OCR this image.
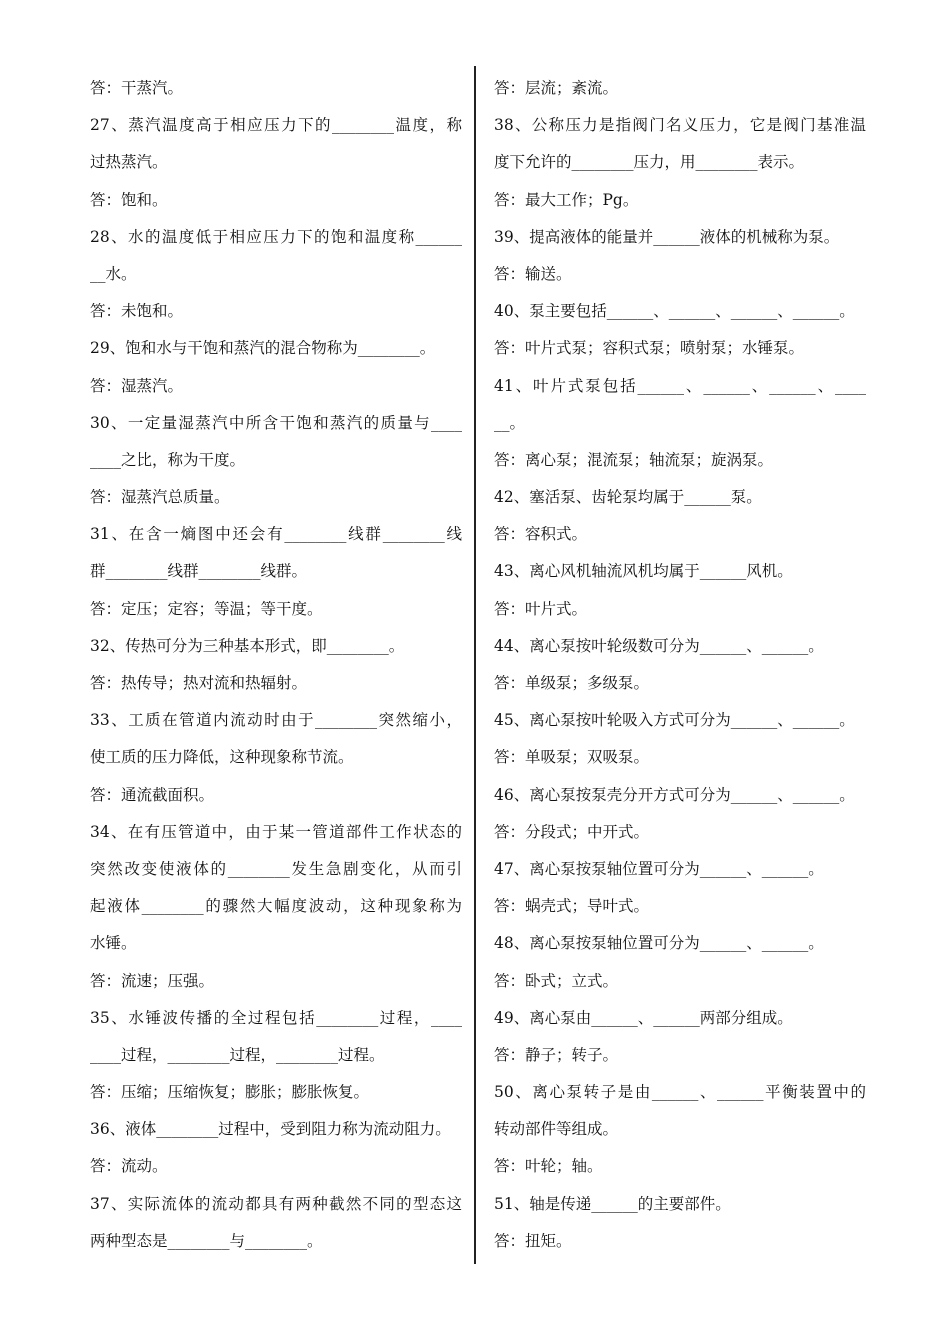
答：干蒸汽。
27、蒸汽温度高于相应压力下的________温度，称
过热蒸汽。
答：饱和。
28、水的温度低于相应压力下的饱和温度称______
__水。
答：未饱和。
29、饱和水与干饱和蒸汽的混合物称为________。
答：湿蒸汽。
30、一定量湿蒸汽中所含干饱和蒸汽的质量与____
____之比，称为干度。
答：湿蒸汽总质量。
31、在含一熵图中还会有________线群________线
群________线群________线群。
答：定压；定容；等温；等干度。
32、传热可分为三种基本形式，即________。
答：热传导；热对流和热辐射。
33、工质在管道内流动时由于________突然缩小，
使工质的压力降低，这种现象称节流。
答：通流截面积。
34、在有压管道中，由于某一管道部件工作状态的
突然改变使液体的________发生急剧变化，从而引
起液体________的骤然大幅度波动，这种现象称为
水锤。
答：流速；压强。
35、水锤波传播的全过程包括________过程，____
____过程，________过程，________过程。
答：压缩；压缩恢复；膨胀；膨胀恢复。
36、液体________过程中，受到阻力称为流动阻力。
答：流动。
37、实际流体的流动都具有两种截然不同的型态这
两种型态是________与________。
答：层流；紊流。
38、公称压力是指阀门名义压力，它是阀门基准温
度下允许的________压力，用________表示。
答：最大工作；Pg。
39、提高液体的能量并______液体的机械称为泵。
答：输送。
40、泵主要包括______、______、______、______。
答：叶片式泵；容积式泵；喷射泵；水锤泵。
41、叶片式泵包括______、______、______、____
__。
答：离心泵；混流泵；轴流泵；旋涡泵。
42、塞活泵、齿轮泵均属于______泵。
答：容积式。
43、离心风机轴流风机均属于______风机。
答：叶片式。
44、离心泵按叶轮级数可分为______、______。
答：单级泵；多级泵。
45、离心泵按叶轮吸入方式可分为______、______。
答：单吸泵；双吸泵。
46、离心泵按泵壳分开方式可分为______、______。
答：分段式；中开式。
47、离心泵按泵轴位置可分为______、______。
答：蜗壳式；导叶式。
48、离心泵按泵轴位置可分为______、______。
答：卧式；立式。
49、离心泵由______、______两部分组成。
答：静子；转子。
50、离心泵转子是由______、______平衡装置中的
转动部件等组成。
答：叶轮；轴。
51、轴是传递______的主要部件。
答：扭矩。
